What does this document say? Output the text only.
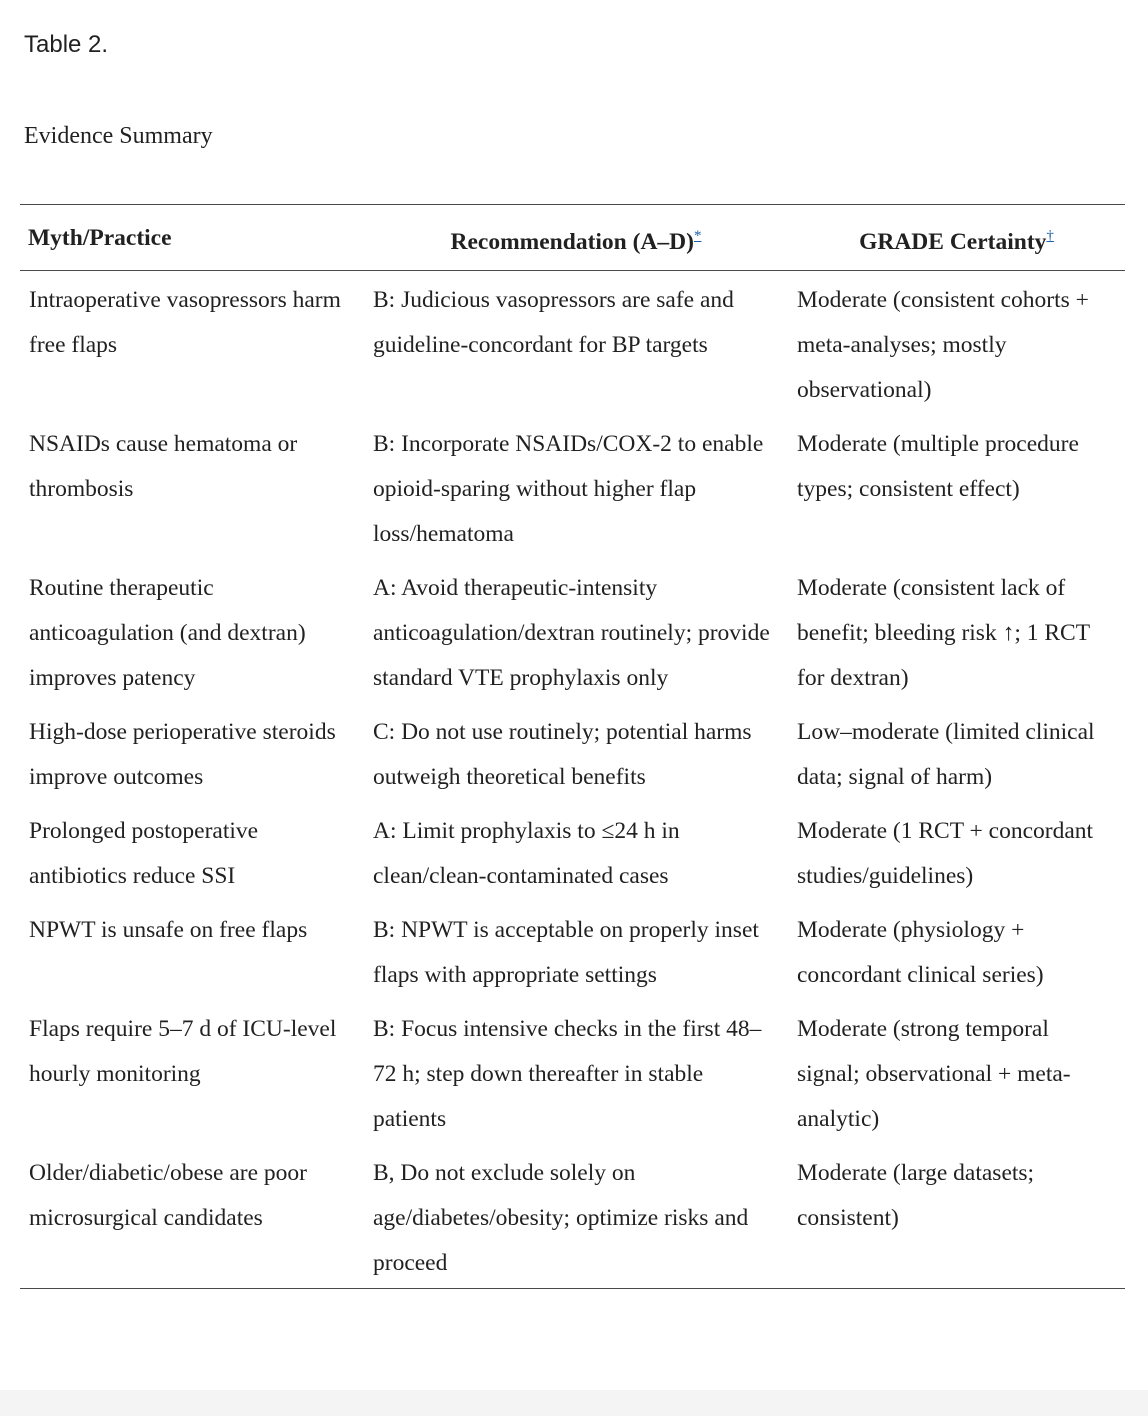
Table 2.
Evidence Summary
Myth/Practice	Recommendation (A–D)*	GRADE Certainty†
Intraoperative vasopressors harm free flaps	B: Judicious vasopressors are safe and guideline-concordant for BP targets	Moderate (consistent cohorts + meta-analyses; mostly observational)
NSAIDs cause hematoma or thrombosis	B: Incorporate NSAIDs/COX-2 to enable opioid-sparing without higher flap loss/hematoma	Moderate (multiple procedure types; consistent effect)
Routine therapeutic anticoagulation (and dextran) improves patency	A: Avoid therapeutic-intensity anticoagulation/dextran routinely; provide standard VTE prophylaxis only	Moderate (consistent lack of benefit; bleeding risk ↑; 1 RCT for dextran)
High-dose perioperative steroids improve outcomes	C: Do not use routinely; potential harms outweigh theoretical benefits	Low–moderate (limited clinical data; signal of harm)
Prolonged postoperative antibiotics reduce SSI	A: Limit prophylaxis to ≤24 h in clean/clean-contaminated cases	Moderate (1 RCT + concordant studies/guidelines)
NPWT is unsafe on free flaps	B: NPWT is acceptable on properly inset flaps with appropriate settings	Moderate (physiology + concordant clinical series)
Flaps require 5–7 d of ICU-level hourly monitoring	B: Focus intensive checks in the first 48–72 h; step down thereafter in stable patients	Moderate (strong temporal signal; observational + meta-analytic)
Older/diabetic/obese are poor microsurgical candidates	B, Do not exclude solely on age/diabetes/obesity; optimize risks and proceed	Moderate (large datasets; consistent)
